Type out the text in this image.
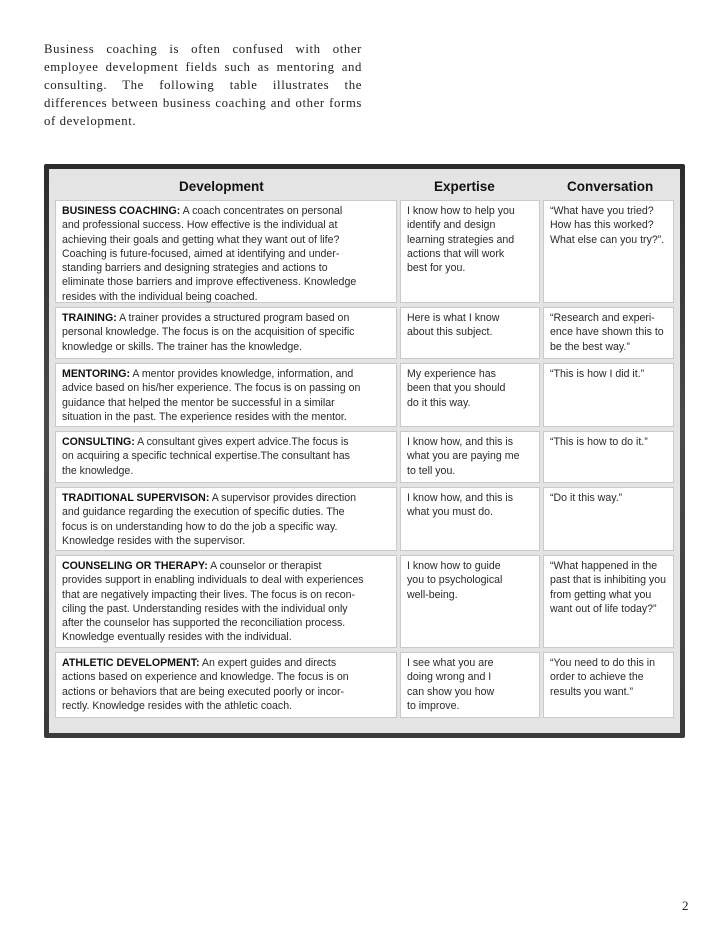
Business coaching is often confused with other employee development fields such as mentoring and consulting. The following table illustrates the differences between business coaching and other forms of development.
Development	Expertise	Conversation
BUSINESS COACHING: A coach concentrates on personal
and professional success. How effective is the individual at
achieving their goals and getting what they want out of life?
Coaching is future-focused, aimed at identifying and under-
standing barriers and designing strategies and actions to
eliminate those barriers and improve effectiveness. Knowledge
resides with the individual being coached.
I know how to help you
identify and design
learning strategies and
actions that will work
best for you.
“What have you tried?
How has this worked?
What else can you try?”.
TRAINING: A trainer provides a structured program based on
personal knowledge. The focus is on the acquisition of specific
knowledge or skills. The trainer has the knowledge.
Here is what I know
about this subject.
“Research and experi-
ence have shown this to
be the best way.”
MENTORING: A mentor provides knowledge, information, and
advice based on his/her experience. The focus is on passing on
guidance that helped the mentor be successful in a similar
situation in the past. The experience resides with the mentor.
My experience has
been that you should
do it this way.
“This is how I did it.”
CONSULTING: A consultant gives expert advice.The focus is
on acquiring a specific technical expertise.The consultant has
the knowledge.
I know how, and this is
what you are paying me
to tell you.
“This is how to do it.”
TRADITIONAL SUPERVISON: A supervisor provides direction
and guidance regarding the execution of specific duties. The
focus is on understanding how to do the job a specific way.
Knowledge resides with the supervisor.
I know how, and this is
what you must do.
“Do it this way.”
COUNSELING OR THERAPY: A counselor or therapist
provides support in enabling individuals to deal with experiences
that are negatively impacting their lives. The focus is on recon-
ciling the past. Understanding resides with the individual only
after the counselor has supported the reconciliation process.
Knowledge eventually resides with the individual.
I know how to guide
you to psychological
well-being.
“What happened in the
past that is inhibiting you
from getting what you
want out of life today?”
ATHLETIC DEVELOPMENT: An expert guides and directs
actions based on experience and knowledge. The focus is on
actions or behaviors that are being executed poorly or incor-
rectly. Knowledge resides with the athletic coach.
I see what you are
doing wrong and I
can show you how
to improve.
“You need to do this in
order to achieve the
results you want.”
2
